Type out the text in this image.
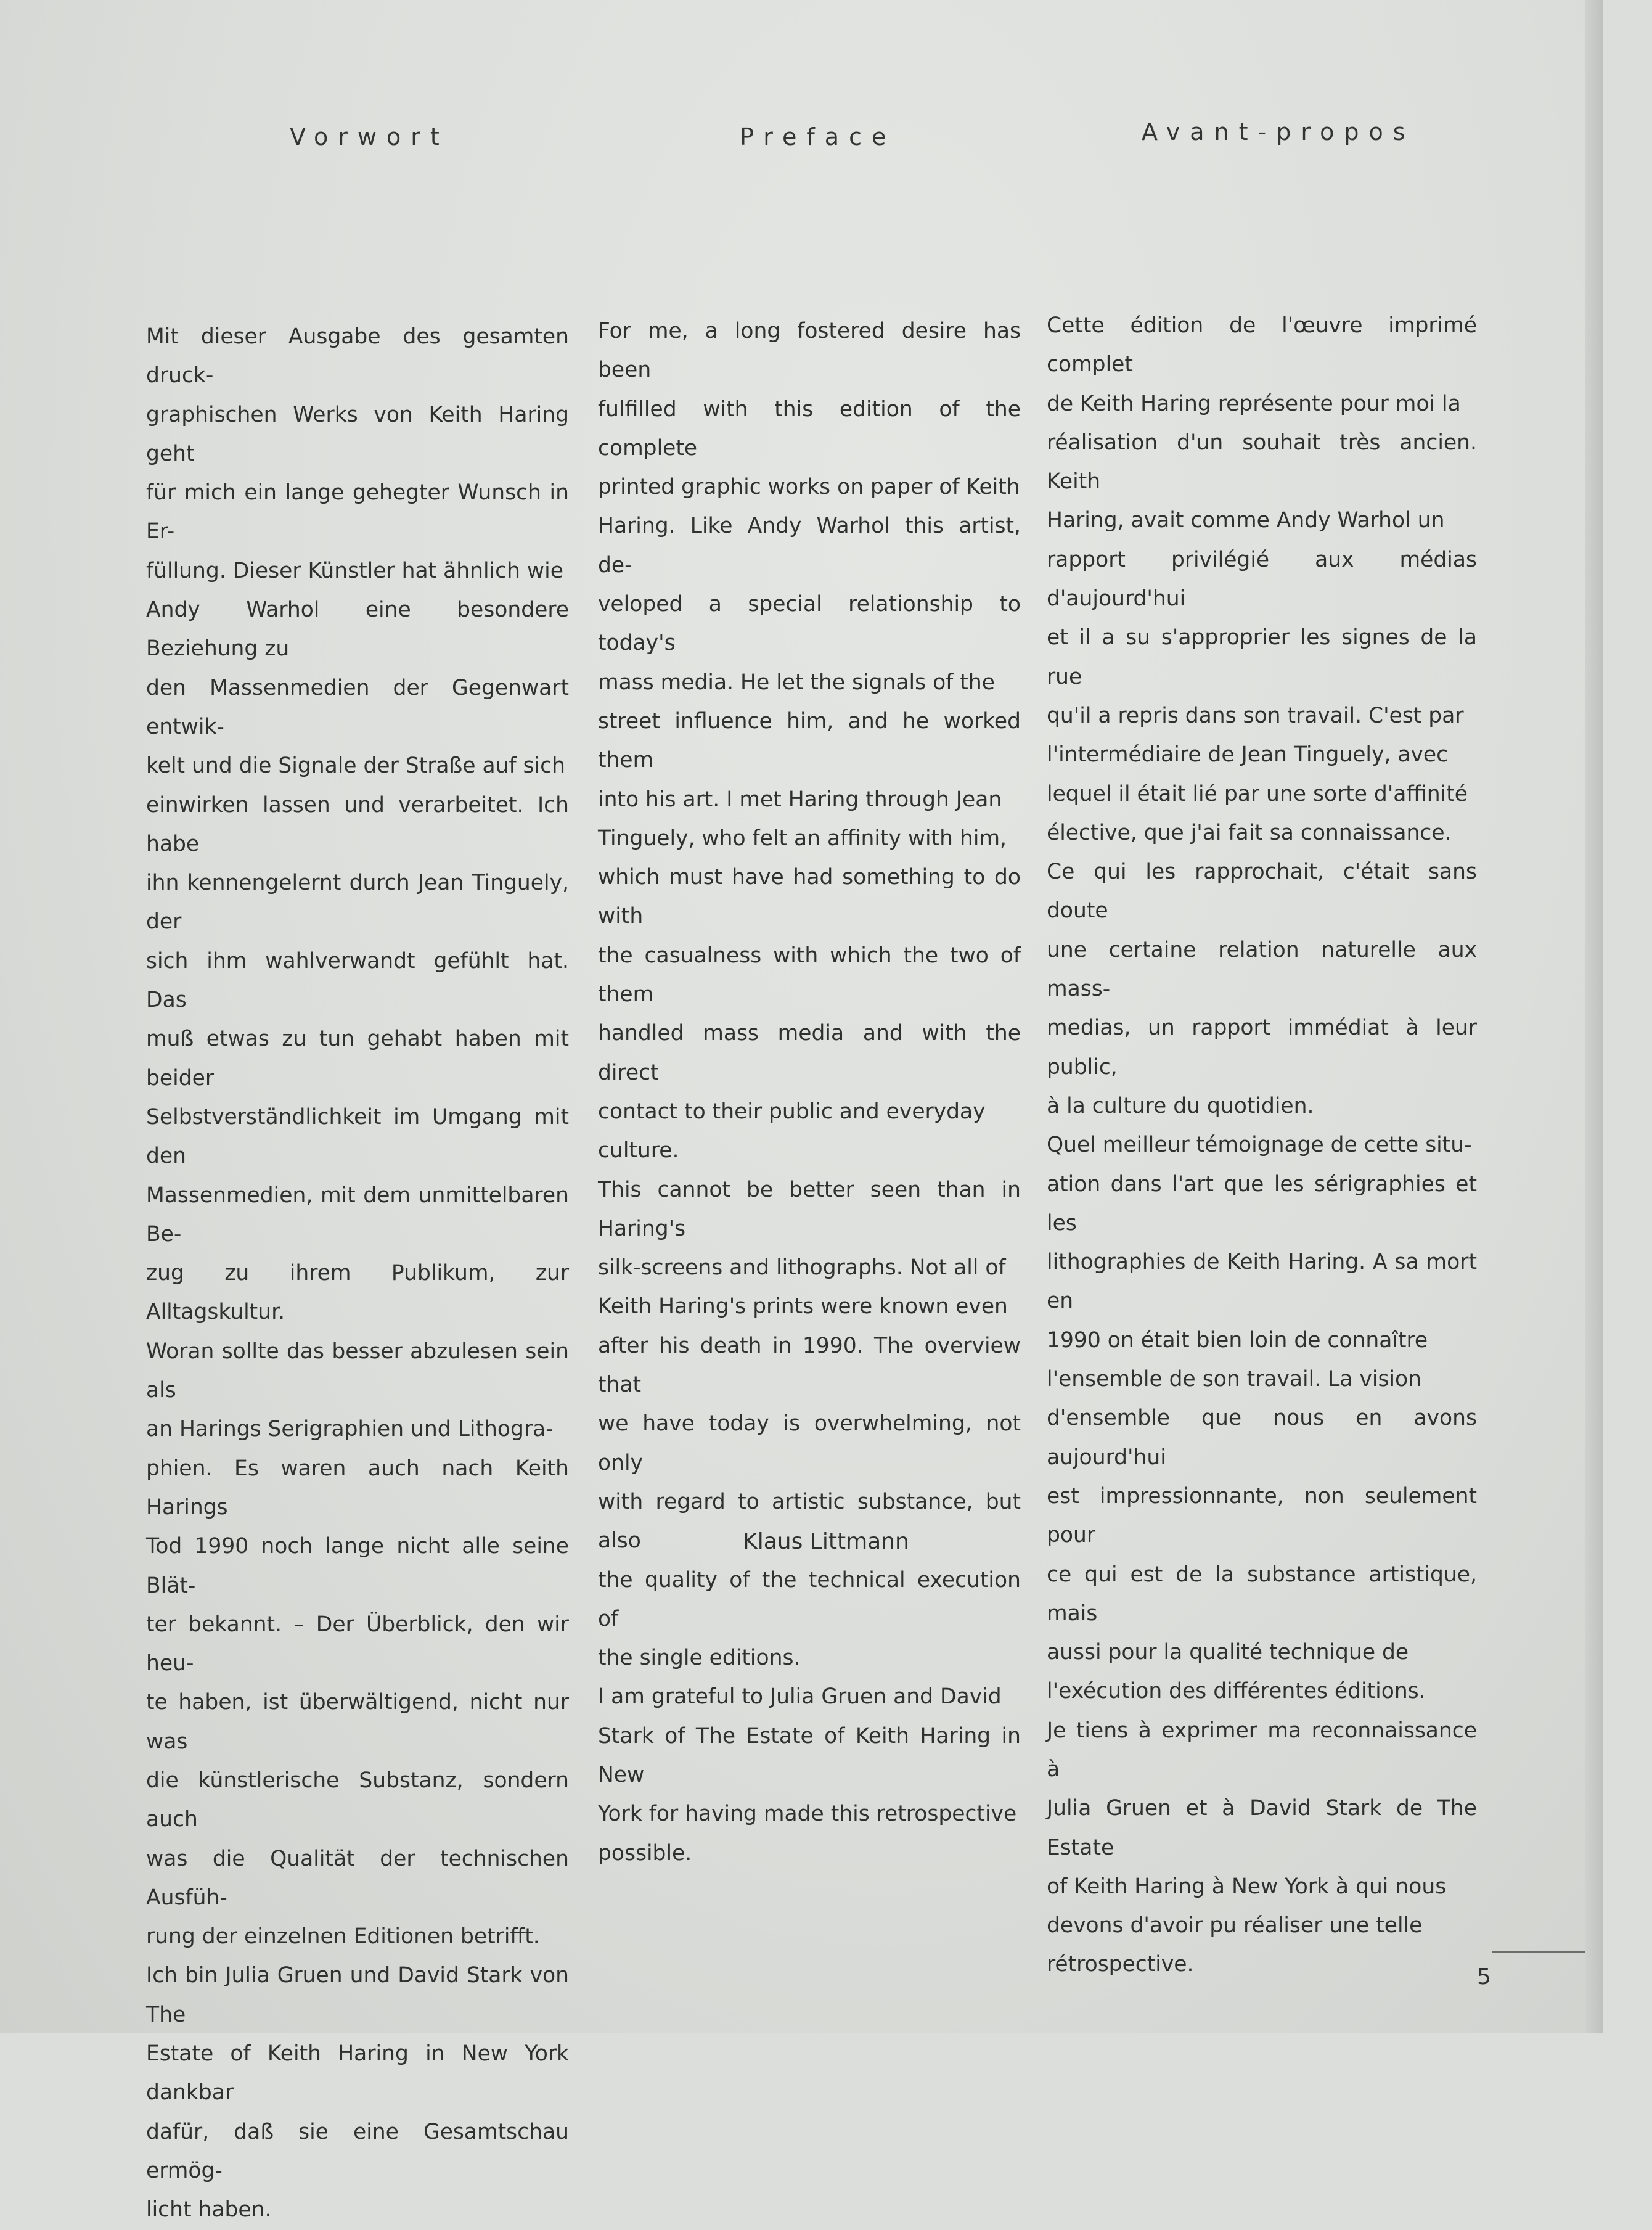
Vorwort	Preface	Avant-propos

Mit dieser Ausgabe des gesamten druck-
graphischen Werks von Keith Haring geht
für mich ein lange gehegter Wunsch in Er-
füllung. Dieser Künstler hat ähnlich wie
Andy Warhol eine besondere Beziehung zu
den Massenmedien der Gegenwart entwik-
kelt und die Signale der Straße auf sich
einwirken lassen und verarbeitet. Ich habe
ihn kennengelernt durch Jean Tinguely, der
sich ihm wahlverwandt gefühlt hat. Das
muß etwas zu tun gehabt haben mit beider
Selbstverständlichkeit im Umgang mit den
Massenmedien, mit dem unmittelbaren Be-
zug zu ihrem Publikum, zur Alltagskultur.
Woran sollte das besser abzulesen sein als
an Harings Serigraphien und Lithogra-
phien. Es waren auch nach Keith Harings
Tod 1990 noch lange nicht alle seine Blät-
ter bekannt. – Der Überblick, den wir heu-
te haben, ist überwältigend, nicht nur was
die künstlerische Substanz, sondern auch
was die Qualität der technischen Ausfüh-
rung der einzelnen Editionen betrifft.

Ich bin Julia Gruen und David Stark von The
Estate of Keith Haring in New York dankbar
dafür, daß sie eine Gesamtschau ermög-
licht haben.

For me, a long fostered desire has been
fulfilled with this edition of the complete
printed graphic works on paper of Keith
Haring. Like Andy Warhol this artist, de-
veloped a special relationship to today's
mass media. He let the signals of the
street influence him, and he worked them
into his art. I met Haring through Jean
Tinguely, who felt an affinity with him,
which must have had something to do with
the casualness with which the two of them
handled mass media and with the direct
contact to their public and everyday
culture.

This cannot be better seen than in Haring's
silk-screens and lithographs. Not all of
Keith Haring's prints were known even
after his death in 1990. The overview that
we have today is overwhelming, not only
with regard to artistic substance, but also
the quality of the technical execution of
the single editions.

I am grateful to Julia Gruen and David
Stark of The Estate of Keith Haring in New
York for having made this retrospective
possible.

Cette édition de l'œuvre imprimé complet
de Keith Haring représente pour moi la
réalisation d'un souhait très ancien. Keith
Haring, avait comme Andy Warhol un
rapport privilégié aux médias d'aujourd'hui
et il a su s'approprier les signes de la rue
qu'il a repris dans son travail. C'est par
l'intermédiaire de Jean Tinguely, avec
lequel il était lié par une sorte d'affinité
élective, que j'ai fait sa connaissance.
Ce qui les rapprochait, c'était sans doute
une certaine relation naturelle aux mass-
medias, un rapport immédiat à leur public,
à la culture du quotidien.

Quel meilleur témoignage de cette situ-
ation dans l'art que les sérigraphies et les
lithographies de Keith Haring. A sa mort en
1990 on était bien loin de connaître
l'ensemble de son travail. La vision
d'ensemble que nous en avons aujourd'hui
est impressionnante, non seulement pour
ce qui est de la substance artistique, mais
aussi pour la qualité technique de
l'exécution des différentes éditions.

Je tiens à exprimer ma reconnaissance à
Julia Gruen et à David Stark de The Estate
of Keith Haring à New York à qui nous
devons d'avoir pu réaliser une telle
rétrospective.

Klaus Littmann
5
